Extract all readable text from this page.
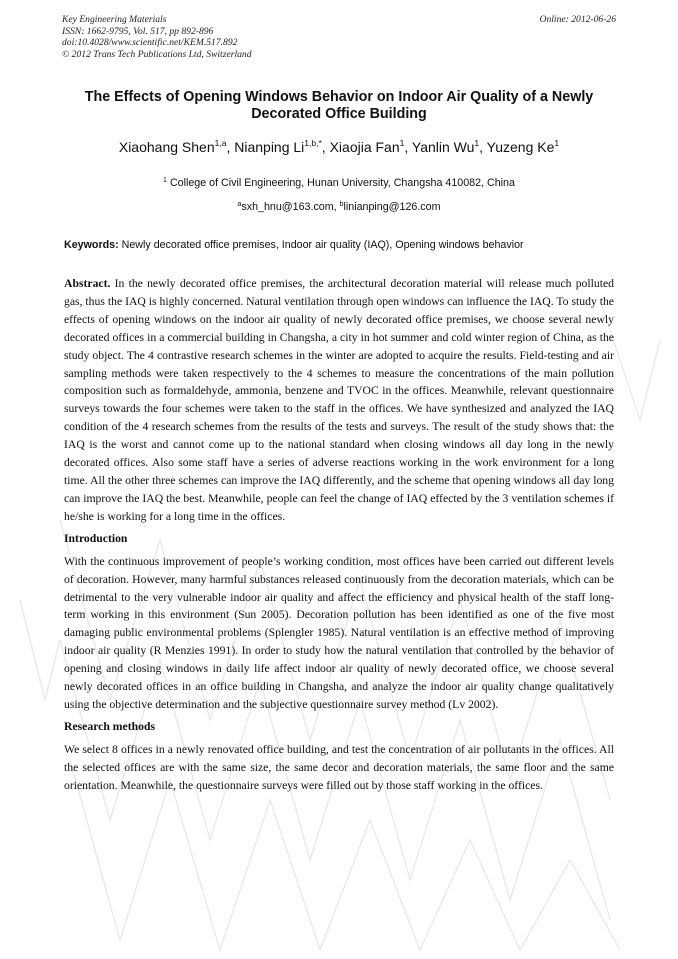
Key Engineering Materials
ISSN: 1662-9795, Vol. 517, pp 892-896
doi:10.4028/www.scientific.net/KEM.517.892
© 2012 Trans Tech Publications Ltd, Switzerland
Online: 2012-06-26
The Effects of Opening Windows Behavior on Indoor Air Quality of a Newly Decorated Office Building
Xiaohang Shen$^{1,a}$, Nianping $Li^{1,b,*}$, Xiaojia Fan$^1$, Yanlin Wu$^1$, Yuzeng Ke$^1$
$^1$ College of Civil Engineering, Hunan University, Changsha 410082, China
$^a$sxh_hnu@163.com, $^b$linianping@126.com
Keywords: Newly decorated office premises, Indoor air quality (IAQ), Opening windows behavior

Abstract. In the newly decorated office premises, the architectural decoration material will release much polluted gas, thus the IAQ is highly concerned. Natural ventilation through open windows can influence the IAQ. To study the effects of opening windows on the indoor air quality of newly decorated office premises, we choose several newly decorated offices in a commercial building in Changsha, a city in hot summer and cold winter region of China, as the study object. The 4 contrastive research schemes in the winter are adopted to acquire the results. Field-testing and air sampling methods were taken respectively to the 4 schemes to measure the concentrations of the main pollution composition such as formaldehyde, ammonia, benzene and TVOC in the offices. Meanwhile, relevant questionnaire surveys towards the four schemes were taken to the staff in the offices. We have synthesized and analyzed the IAQ condition of the 4 research schemes from the results of the tests and surveys. The result of the study shows that: the IAQ is the worst and cannot come up to the national standard when closing windows all day long in the newly decorated offices. Also some staff have a series of adverse reactions working in the work environment for a long time. All the other three schemes can improve the IAQ differently, and the scheme that opening windows all day long can improve the IAQ the best. Meanwhile, people can feel the change of IAQ effected by the 3 ventilation schemes if he/she is working for a long time in the offices.

Introduction

With the continuous improvement of people’s working condition, most offices have been carried out different levels of decoration. However, many harmful substances released continuously from the decoration materials, which can be detrimental to the very vulnerable indoor air quality and affect the efficiency and physical health of the staff long-term working in this environment (Sun 2005). Decoration pollution has been identified as one of the five most damaging public environmental problems (Splengler 1985). Natural ventilation is an effective method of improving indoor air quality (R Menzies 1991). In order to study how the natural ventilation that controlled by the behavior of opening and closing windows in daily life affect indoor air quality of newly decorated office, we choose several newly decorated offices in an office building in Changsha, and analyze the indoor air quality change qualitatively using the objective determination and the subjective questionnaire survey method (Lv 2002).

Research methods

We select 8 offices in a newly renovated office building, and test the concentration of air pollutants in the offices. All the selected offices are with the same size, the same decor and decoration materials, the same floor and the same orientation. Meanwhile, the questionnaire surveys were filled out by those staff working in the offices.
